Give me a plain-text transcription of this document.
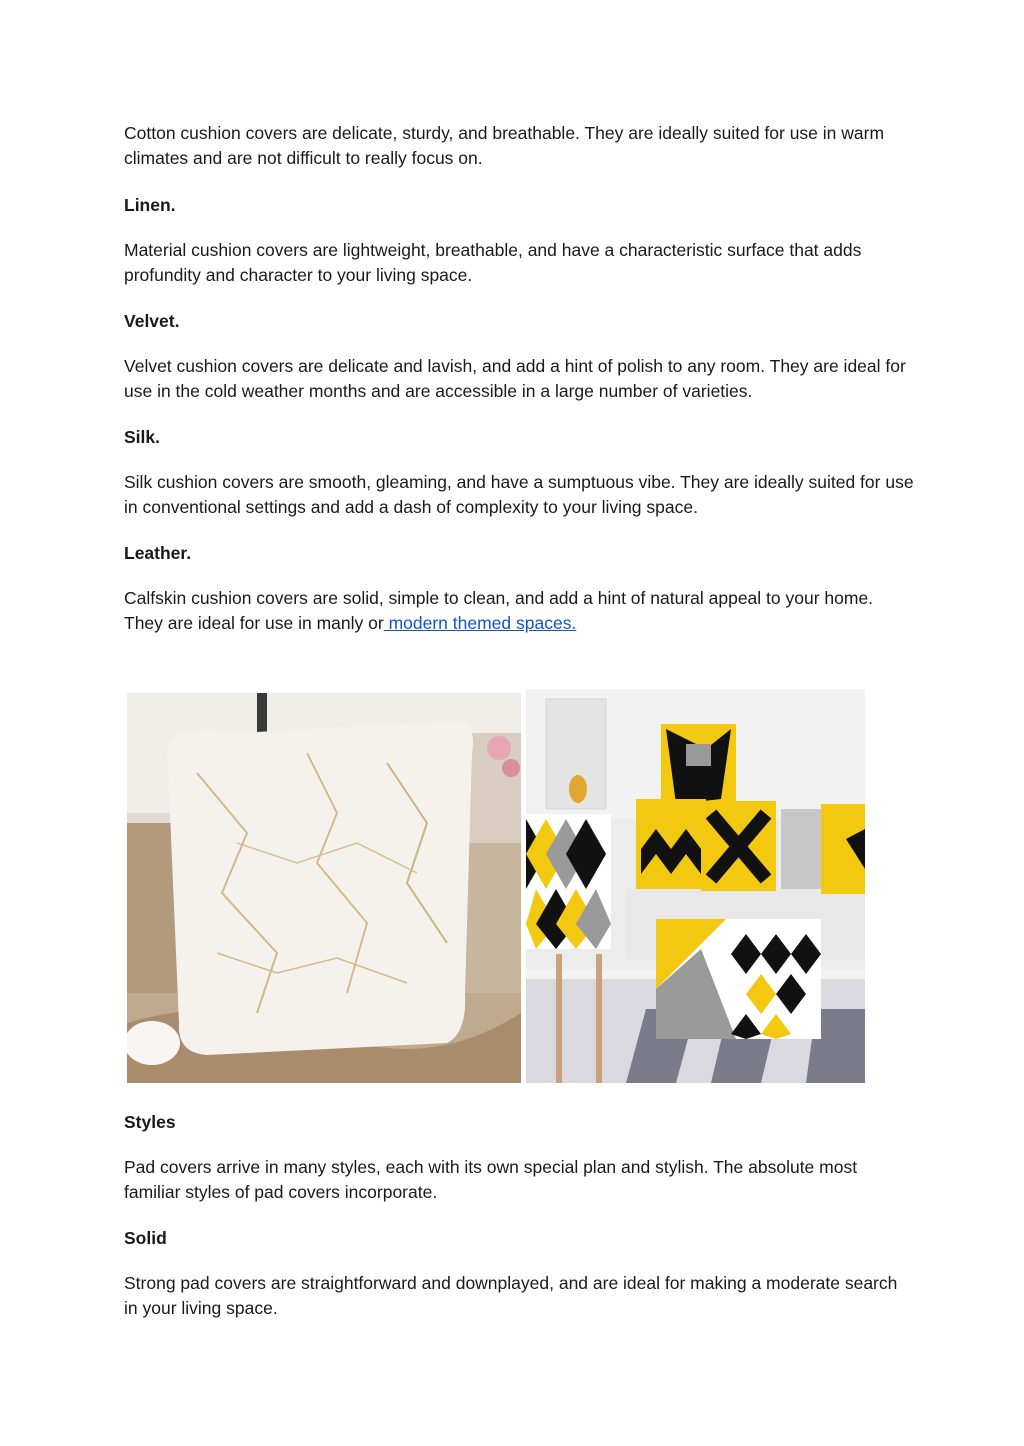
Cotton cushion covers are delicate, sturdy, and breathable. They are ideally suited for use in warm climates and are not difficult to really focus on.

Linen.

Material cushion covers are lightweight, breathable, and have a characteristic surface that adds profundity and character to your living space.

Velvet.

Velvet cushion covers are delicate and lavish, and add a hint of polish to any room. They are ideal for use in the cold weather months and are accessible in a large number of varieties.

Silk.

Silk cushion covers are smooth, gleaming, and have a sumptuous vibe. They are ideally suited for use in conventional settings and add a dash of complexity to your living space.

Leather.

Calfskin cushion covers are solid, simple to clean, and add a hint of natural appeal to your home. They are ideal for use in manly or modern themed spaces.

Styles

Pad covers arrive in many styles, each with its own special plan and stylish. The absolute most familiar styles of pad covers incorporate.

Solid

Strong pad covers are straightforward and downplayed, and are ideal for making a moderate search in your living space.
